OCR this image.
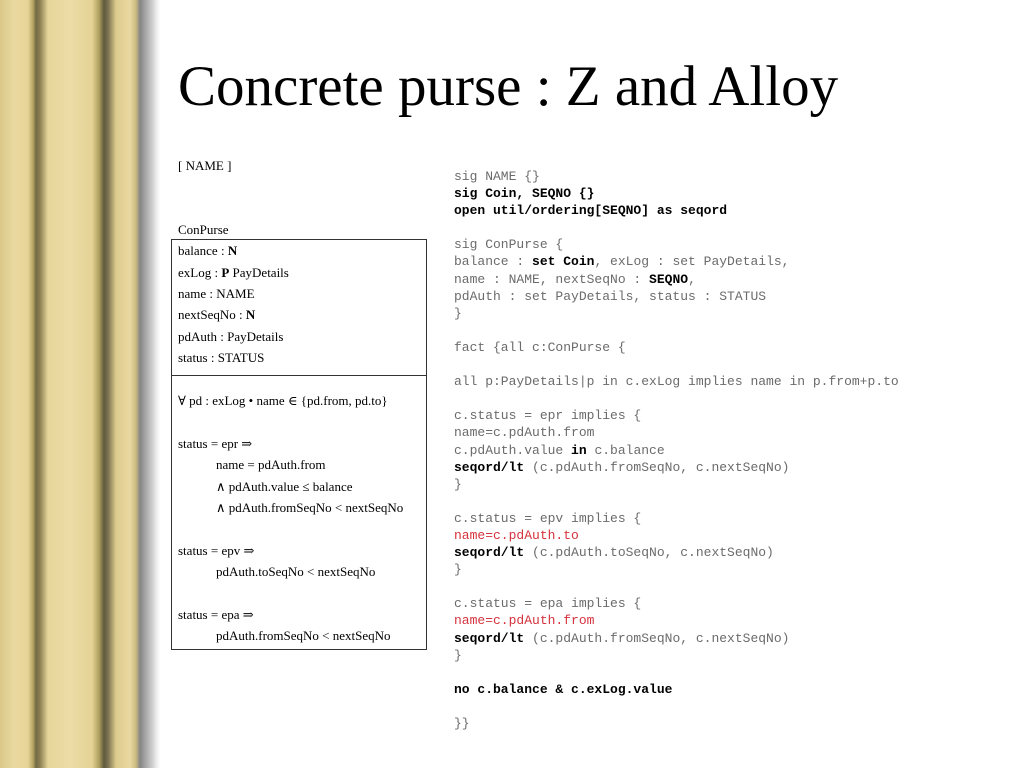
Concrete purse : Z and Alloy
[ NAME ]
ConPurse
balance : N
exLog : P PayDetails
name : NAME
nextSeqNo : N
pdAuth : PayDetails
status : STATUS
∀ pd : exLog • name ∈ {pd.from, pd.to}
status = epr ⇒
name = pdAuth.from
∧ pdAuth.value ≤ balance
∧ pdAuth.fromSeqNo < nextSeqNo
status = epv ⇒
pdAuth.toSeqNo < nextSeqNo
status = epa ⇒
pdAuth.fromSeqNo < nextSeqNo
sig NAME {}
sig Coin, SEQNO {}
open util/ordering[SEQNO] as seqord

sig ConPurse {
balance : set Coin, exLog : set PayDetails,
name : NAME, nextSeqNo : SEQNO,
pdAuth : set PayDetails, status : STATUS
}

fact {all c:ConPurse {

all p:PayDetails|p in c.exLog implies name in p.from+p.to

c.status = epr implies {
name=c.pdAuth.from
c.pdAuth.value in c.balance
seqord/lt (c.pdAuth.fromSeqNo, c.nextSeqNo)
}

c.status = epv implies {
name=c.pdAuth.to
seqord/lt (c.pdAuth.toSeqNo, c.nextSeqNo)
}

c.status = epa implies {
name=c.pdAuth.from
seqord/lt (c.pdAuth.fromSeqNo, c.nextSeqNo)
}

no c.balance & c.exLog.value

}}
